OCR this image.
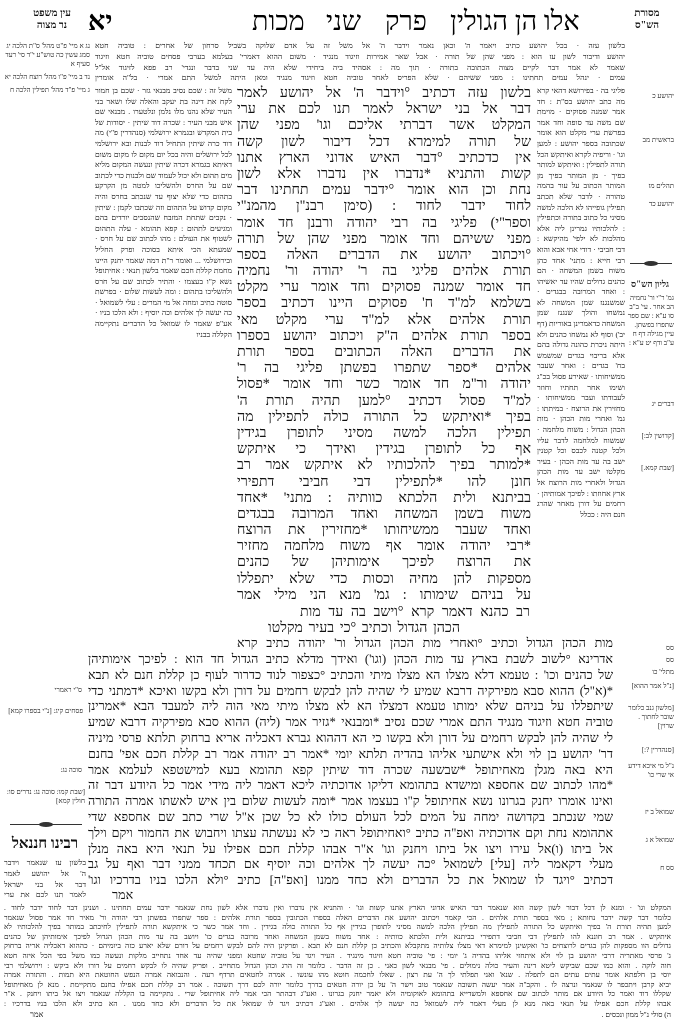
מסורת
הש"ס
אלו הן הגולין
פרק
שני
מכות
יא
עין משפט
נר מצוה
בלשון עזה · בכל יהושע כתיב ויאמר ה' וכאן נאמר וידבר ה' אל משל זה על אדם שלוקה בשביל סרחון של אחרים : טוביה חטא
יהושע ודיבור לשון עז הוא : מפני שהן של תורה · אבל שאר אמירות וזיגוד מנגיד · משום ההוא דאמרי' בעלמא בערבי פסחים טוביה חטא וזיגוד
שאמר לא אמר דבר לקיים מצוה הכתובה בתורה · תוך מה : אסהיד ביה ביחידי שלא היה עד שני בדבר ונגדי' רב פפא לזיגוד אל"ל
עמים · ינהל עמים תחתינו : מפני ששיהם · שלא הפריס לאחר טוביה חטא וזיגוד מנגיד ומאן היתה למשל התם אמרי · בל"ה אומרין
בלשון עזה דכתיב °וידבר ה' אל יהושע לאמר
דבר אל בני ישראל לאמר תנו לכם את ערי
המקלט אשר דברתי אליכם וגו' מפני שהן
של תורה למימרא דכל דיבור לשון קשה
אין כדכתיב °דבר האיש אדוני הארץ אתנו
קשות והתניא *נדברו אין נדברו אלא לשון
נחת וכן הוא אומר °ידבר עמים תחתינו דבר
לחוד ידבר לחוד : (סימן רבנ"ן מהמנ"י
וספר"י) פליגי בה רבי יהודה ורבנן חד אומר
מפני ששיהם וחד אומר מפני שהן של תורה
°ויכתוב יהושע את הדברים האלה בספר
תורת אלהים פליגי בה ר' יהודה ור' נחמיה
חד אומר שמנה פסוקים וחד אומר ערי מקלט
בשלמא למ"ד ח' פסוקים היינו דכתיב בספר
תורת אלהים אלא למ"ד ערי מקלט מאי
בספר תורת אלהים ה"ק ויכתוב יהושע בספרו
את הדברים האלה הכתובים בספר תורת
אלהים *ספר שתפרו בפשתן פליגי בה ר'
יהודה ור"מ חד אומר כשר וחד אומר *פסול
למ"ד פסול דכתיב °למען תהיה תורת ה'
בפיך *ואיתקש כל התורה כולה לתפילין מה
תפילין הלכה למשה מסיני לתופרן בגידין
אף כל לתופרן בגידין ואידך כי איתקש
*למותר בפיך להלכותיו לא איתקש אמר רב
חונן להו *לתפילין דבי חביבי דתפירי
בביתנא ולית הלכתא כוותיה : מתני' *אחד
משוח בשמן המשחה ואחד המרובה בבגדים
ואחד שעבר ממשיחותו *מחזירין את הרוצח
*רבי יהודה אומר אף משוח מלחמה מחזיר
את הרוצח לפיכך אימותיהן של כהנים
מספקות להן מחיה וכסות כדי שלא יתפללו
על בניהם שימותו : גמ' מנא הני מילי אמר
רב כהנא דאמר קרא °וישב בה עד מות
הכהן הגדול וכתיב °כי בעיר מקלטו
מות הכהן הגדול וכתיב °ואחרי מות הכהן הגדול ור' יהודה כתיב קרא
אדרינא °לשוב לשבת בארץ עד מות הכהן (וגו') ואידך מדלא כתיב הגדול חד הוא : לפיכך אימותיהן
של כהנים וכו' : טעמא דלא מצלו הא מצלו מיתי והכתיב °כצפור לנוד כדרור לעוף כן קללת חנם לא תבא
*(א"ל) ההוא סבא מפירקיה דרבא שמיע לי שהיה להן לבקש רחמים על דורן ולא בקשו ואיכא *דמתני כדי
שיתפללו על בניהם שלא ימותו טעמא דמצלו הא לא מצלו מיתי מאי הוה ליה למעבד הבא *אמרינן
טוביה חטא וזיגוד מנגיד התם אמרי שכם נסיב *ומבנאי *גזיר אמר (ליה) ההוא סבא מפירקיה דרבא שמיע
לי שהיה להן לבקש רחמים על דורן ולא בקשו כי הא דההוא גברא דאכליה אריא ברחוק תלתא פרסי מיניה
דר' יהושע בן לוי ולא אישתעי אליהו בהדיה תלתא יומי *אמר רב יהודה אמר רב קללת חכם אפי' בחנם
היא באה מגלן מאחיתופל *שבשעה שכרה דוד שיתין קפא תהומא בעא למישטפא לעלמא אמר
*מהו לכתוב שם אחספא ומישדא בתהומא דליקו אדוכתיה ליכא דאמר ליה מידי אמר כל היודע דבר זה
ואינו אומרו יחנק בגרונו נשא אחיתופל ק"ו בעצמו אמר *ומה לעשות שלום בין איש לאשתו אמרה התורה
שמי שנכתב בקדושה ימחה על המים לכל העולם כולו לא כל שכן א"ל שרי כתב שם אחספא שדי
אתהומא נחת וקם אדוכתיה ואפ"ה כתיב °ואחיתופל ראה כי לא נעשתה עצתו ויחבוש את החמור ויקם וילך
אל ביתו (ו)אל עירו ויצו אל ביתו ויחנק וגו' א"ר אבהו קללת חכם אפילו על תנאי היא באה מנלן
מעלי דקאמר ליה [עלי] לשמואל °כה יעשה לך אלהים וכה יוסיף אם תכחד ממני דבר ואף על גב
דכתיב °ויגד לו שמואל את כל הדברים ולא כחד ממנו [ואפ"ה] כתיב °ולא הלכו בניו בדרכיו וגו'
אמר
פליגי בה · בפירושא דהאי קרא מה כתב יהושע בס"ת : חד אמר שמנה פסוקים · מוימת שם משה עד סופה וחד אמר בפרשת ערי מקלט הוא אומר שכתובה בספר יהושע : למען וגו' · וריפיה לקרא ואיתקש הכל תורה לתפילין : ואיתקש למותר בפיך · מן המותר בפיך מן המותר הכתוב על עור בהמה טהורה · לדבר שלא תכתב תפילין גופייהו לא הלכה למשה מסיני כל כתוב בתורה וכתפילין : להלכותיו גמרינן ליה אלא מהלכות לא ילפי' מהיקשא : דבי חביבי · דודי אחי אבא והוא רבי חייא : מתני' אחד כהן משוח בשמן המשחה · הם כהנים גדולים שהיו עד יאשיהו : ואחד המרובה בבגדים · שמשנגנז שמן המשחה לא נמשחו והולך שנגנז שמן המשחה כדאמרינן באוריות (דף יב') וסוף לא נמשחו כהנים ולא היתה ניכרת כהונה גדולה בהם אלא בריבוי בגדים שמשמש בח' בגדים : ואחר שעבר ממשיחותו · שאירע פסול בכ"ג ושימו אחר תחתיו וחוזר לעבודתו ועבר ממשיחותו · מחזירין את הרוצח · במיתתו : גמ' ואחרי מות הכהן · מות הכהן הגדול : משוח מלחמה · שמשוח למלחמה לדבר עליו ולכל קטנה לכבס וכל קטנין ישב בה עד מות הכהן · בעיר מקלטו ישב עד מות הכהן הגדול ולאחרי מות הרוצח אל ארץ אחוזתו : לפיכך אמותיהן · רחמים על דורן מאחר שהרג חנם היה : ככלל
משל זה : שכם נסיב מבנאי גזר · שכם בן חמור לקח את דינה בת יעקב והאלה שלו ושאר בני העיר שלא נהנו מלו נלמן ונלטערו . מבנאי שם איש מבני העיר : שכרה דוד שיתין · יסודות של בית המקדש ובגמרא ירושלמי (סנהדרין פ"י) מה דוד כרה שיתין התחיל דוד לבנות ובא ירושלמי לכל ירושלים והיה בכל יום מקום לו מקום משום דאיתא בגמרא דכרה שיתין ונעשה המקום מליא מים תהום ולא יכול לעמוד שם ולבנות כדי לכתוב שם על החרס ולהשליכו למטה מן הקרקע בתהום כדי שלא יצוף עד שנכתב בחרס והיה מקום קדוש על התהום וזה שכתבו לקמן : שיתין · נקבים שתחת המזבח שהנסכים יורדים בהם ומגיעים לתהום : קפא תהומא · עלה התהום לשטוף את העולם : מהו לכתוב שם על חרס · שמעתא הכי איתא בסוכה ופרק החליל ובירושלמי ... ואומר ר"ת דמה שאמר יחנק היינו מחמת קללת חכם שאמר בלשון תנאי : אחיתופל נשא ק"ו בעצמו · והתיר לכתוב שם על חרס ולהשליכו בתהום : ומה לעשות שלום · בפרשת סוטה כתיב ומחה אל מי המרים : עלי לשמואל · כה יעשה לך אלהים וכה יוסיף : ולא הלכו בניו · אע"פ שאמר לו שמואל כל הדברים נתקיימה הקללה בבניו
נג א מיי' פ"ט מהל' ס"ת הלכה יג סמג עשין כה טוש"ע י"ד סי' רעד סעיף א
נד ב מיי' פ"ו מהל' רוצח הלכה יא
ג מיי' פ"ד מהל' תפילין הלכה ח
ס"י ראמרי
פסחים קיג: [נ"י בספרו קמא]
סוכה נג:
[שבת קמו: סוכה נג: נדרים סו: חולין קמא]
רבינו חננאל
בלשון עז שנאמר וידבר
ה' אל יהושע לאמר
דבר אל בני ישראל
לאמר תנו לכם את ערי
יהושע כ
בראשית מב
תהלים מז
יהושע כד
גליון הש"ס
גמ' ר"י ור' נחמיה הב אחר . עי' ב"ב סו ע"א : שם ספר שתפרו בפשתן. עיין מגילה דף ח ע"ב ודף יט ע"א :
דברים יג
[קדושין לב:]
[שבת קמא.]
סס
סס
מתלי' כו
[נ"ל אמר ההוא]
[מלשון גנב כלומר שובר לחתוך . שרוין]
[סנהדרין ?:]
נ"ל מי איכא דידע אי שרי כו'
שמואל ב יז
שמואל א ג
סס ח
המקלט וגו' · ומנא לן דכל דבור לשון קשה הוא שנאמר דבר האיש אדוני הארץ אתנו קשות וגו' · והתניא אין נדברו ואין נדברו אלא לשון נחת שנאמר ידבר עמים תחתינו . ושנינן דבר לחוד ידבר לחוד .
כלומר דבר קשה ידבר נחותא ; מאי בספר תורת אלהים . הכי קאמר ויכתוב יהושע את הדברים האלה בספרו הכתובין בספר תורת אלהים : ספר שתפרו בפשתן רבי יהודה ור' מאיר חד אמר פסול שנאמר
למען תהיה תורת ה' בפיך ואיתקש כל התורה לתפילין מה תפילין הלכה למשה מסיני לתופרן בגידין אף כל התורה כולה בגידין . וחד אמר כשר כי איתקשא תורה לתפילין לחיכתב במותר בפיך להלכותיו לא
איתקיש . אמר רב חוננא להו לתפילין דבי חביבי דתפירי בביתנא ולית הלכתא כוותיה : אחד משוח בשמן המשחה ואחד מרובה בגדים כו' ויושב בה עד מות הכהן הגדול לפיכך אימותיהן של כהנים
גדולים הוו מספקות להן בגדים לרוצחים כו' ואקשינן למימרא דאי מצלו צלותיה מתקבלא והכתיב כן קללת חנם לא תבא . ופרקינן היה להם לבקש רחמים על דורם שלא יארע כזה ביומיהם · כההוא דאכליה אריה ברחוק
ג' פרסי מאתריה דרבי יהושע בן לוי ולא איתחזי אליהו בהדיה ג' יומי : פי' טוביה חטא וזיגוד מינגיד . העיר ויגד על טוביה שחטא ומפני שהיה עד אחד נתחייב מלקות ונעשה כמו משל בפי הכל איזה חטא
חוה לוקה . והוא כמו שכם שביקש ליטא דינה והעיר כולה נימולים . פי' מבנאי לשון כאני . כן זה הדבר . כלומר זה הרג וכהן הגדול מתחייב . ופריק שהיה לו לבקש רחמים על דורו ולא ביקש : וירושלמי רבי
יוסי בן חלפתא אומר עתים עתים הם לתפלה . שנא' ואני תפלתי לך ה' עת רצון . שאלו לחכמה חוטא מהו עונשו . אמרה לחטאים תרדף רעה . והנבואה אמרה הנפש החוטאת היא תמות . והתורה אמרה
יביא קרבן ויתכפר לו שנאמר ונרצה לו . והקב"ה אמר יעשה תשובה שנאמר טוב וישר ה' על כן יורה חטאים בדרך כלומר יורה לכם דרך תשובה . אמר רב קללת חכם אפילו בחנם מתקיימת . מנא לן מאחיתופל
שקללו דוד ואמר כל היודע אם מותר לכתוב שם אחספא ולמשדייא בתהומא לאוקומיה ולא יאמר יחנק בגרונו . ואע"ג דבהתר הכי אמר ליה אחיתופל שרי . נתקיימה בו הקללה שנאמר ויצו אל ביתו ויחנק . א"ר
אבהו קללת חכם אפילו על תנאי באה מנא לן מעלי דאמר ליה לשמואל כה יעשה לך אלהים . ואע"ג דכתיב ויגד לו שמואל את כל הדברים ולא כחד ממנו . הא כתיב ולא הלכו בניו בדרכיו :
ה) סולי נ"ל ממון ונכסים .
אמר
